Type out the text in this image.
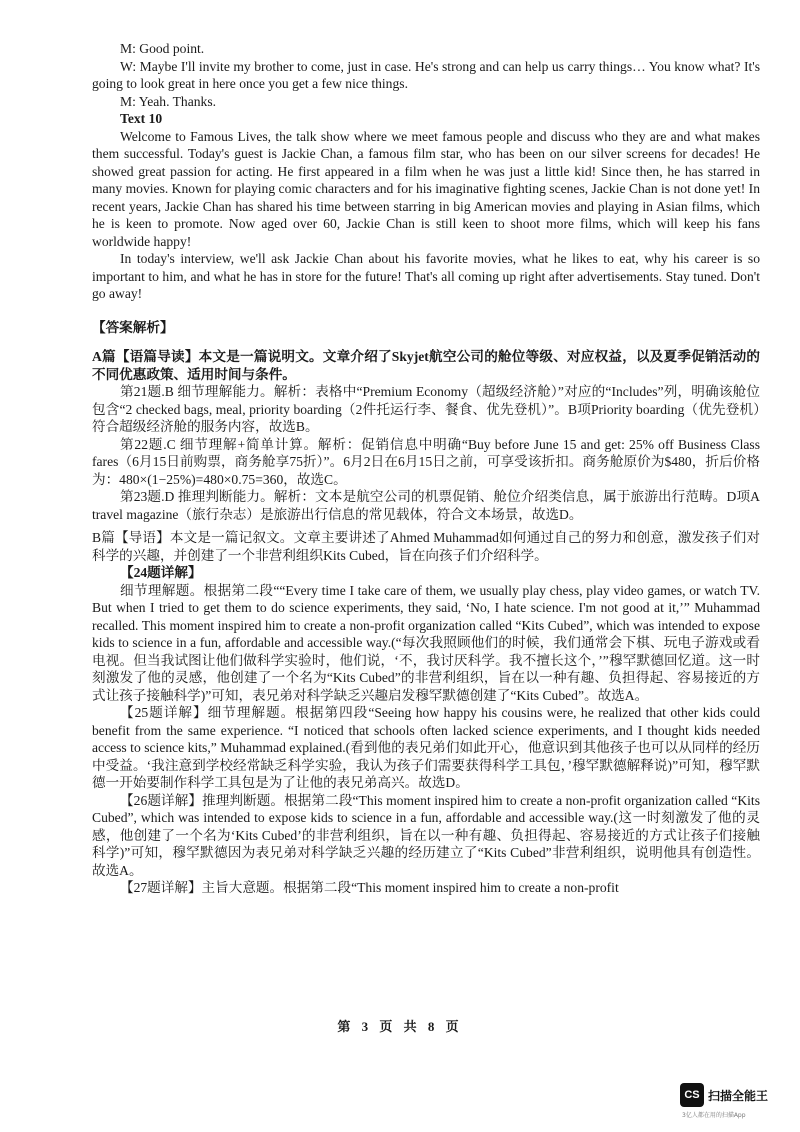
M: Good point.

W: Maybe I'll invite my brother to come, just in case. He's strong and can help us carry things… You know what? It's going to look great in here once you get a few nice things.

M: Yeah. Thanks.

Text 10

Welcome to Famous Lives, the talk show where we meet famous people and discuss who they are and what makes them successful. Today's guest is Jackie Chan, a famous film star, who has been on our silver screens for decades! He showed great passion for acting. He first appeared in a film when he was just a little kid! Since then, he has starred in many movies. Known for playing comic characters and for his imaginative fighting scenes, Jackie Chan is not done yet! In recent years, Jackie Chan has shared his time between starring in big American movies and playing in Asian films, which he is keen to promote. Now aged over 60, Jackie Chan is still keen to shoot more films, which will keep his fans worldwide happy!

In today's interview, we'll ask Jackie Chan about his favorite movies, what he likes to eat, why his career is so important to him, and what he has in store for the future! That's all coming up right after advertisements. Stay tuned. Don't go away!

【答案解析】

A篇【语篇导读】本文是一篇说明文。文章介绍了Skyjet航空公司的舱位等级、对应权益，以及夏季促销活动的不同优惠政策、适用时间与条件。

第21题.B 细节理解能力。解析：表格中“Premium Economy（超级经济舱）”对应的“Includes”列，明确该舱位包含“2 checked bags, meal, priority boarding（2件托运行李、餐食、优先登机）”。B项Priority boarding（优先登机）符合超级经济舱的服务内容，故选B。

第22题.C 细节理解+简单计算。解析：促销信息中明确“Buy before June 15 and get: 25% off Business Class fares（6月15日前购票，商务舱享75折）”。6月2日在6月15日之前，可享受该折扣。商务舱原价为$480，折后价格为：480×(1−25%)=480×0.75=360，故选C。

第23题.D 推理判断能力。解析：文本是航空公司的机票促销、舱位介绍类信息，属于旅游出行范畴。D项A travel magazine（旅行杂志）是旅游出行信息的常见载体，符合文本场景，故选D。

B篇【导语】本文是一篇记叙文。文章主要讲述了Ahmed Muhammad如何通过自己的努力和创意，激发孩子们对科学的兴趣，并创建了一个非营利组织Kits Cubed，旨在向孩子们介绍科学。

【24题详解】

细节理解题。根据第二段““Every time I take care of them, we usually play chess, play video games, or watch TV. But when I tried to get them to do science experiments, they said, ‘No, I hate science. I'm not good at it,’” Muhammad recalled. This moment inspired him to create a non-profit organization called “Kits Cubed”, which was intended to expose kids to science in a fun, affordable and accessible way.(“每次我照顾他们的时候，我们通常会下棋、玩电子游戏或看电视。但当我试图让他们做科学实验时，他们说，‘不，我讨厌科学。我不擅长这个，’”穆罕默德回忆道。这一时刻激发了他的灵感，他创建了一个名为“Kits Cubed”的非营利组织，旨在以一种有趣、负担得起、容易接近的方式让孩子接触科学)”可知，表兄弟对科学缺乏兴趣启发穆罕默德创建了“Kits Cubed”。故选A。

【25题详解】细节理解题。根据第四段“Seeing how happy his cousins were, he realized that other kids could benefit from the same experience. “I noticed that schools often lacked science experiments, and I thought kids needed access to science kits,” Muhammad explained.(看到他的表兄弟们如此开心，他意识到其他孩子也可以从同样的经历中受益。‘我注意到学校经常缺乏科学实验，我认为孩子们需要获得科学工具包，’穆罕默德解释说)”可知，穆罕默德一开始要制作科学工具包是为了让他的表兄弟高兴。故选D。

【26题详解】推理判断题。根据第二段“This moment inspired him to create a non-profit organization called “Kits Cubed”, which was intended to expose kids to science in a fun, affordable and accessible way.(这一时刻激发了他的灵感，他创建了一个名为‘Kits Cubed’的非营利组织，旨在以一种有趣、负担得起、容易接近的方式让孩子们接触科学)”可知，穆罕默德因为表兄弟对科学缺乏兴趣的经历建立了“Kits Cubed”非营利组织，说明他具有创造性。故选A。

【27题详解】主旨大意题。根据第二段“This moment inspired him to create a non-profit

第 3 页 共 8 页
CS 扫描全能王
3亿人都在用的扫描App
